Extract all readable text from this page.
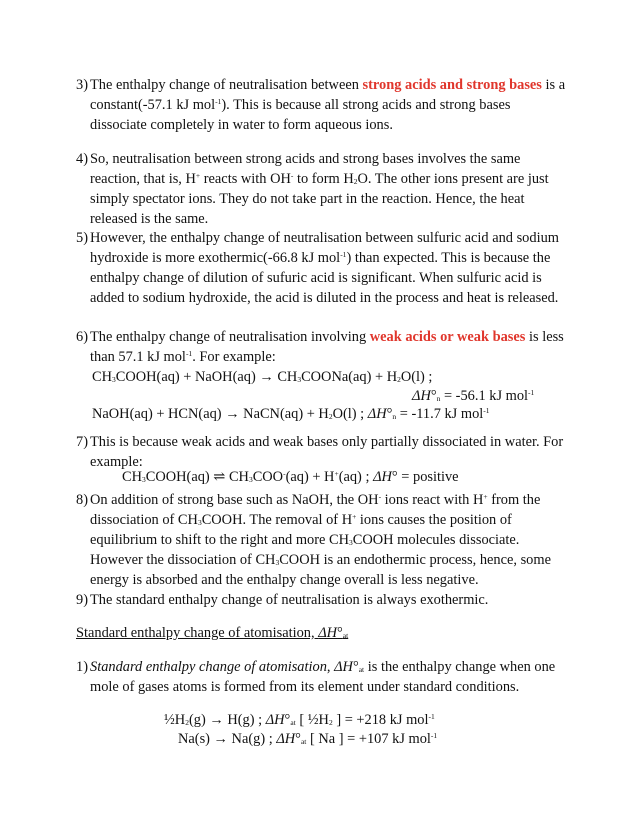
3) The enthalpy change of neutralisation between strong acids and strong bases is a constant(-57.1 kJ mol$^{-1}$). This is because all strong acids and strong bases dissociate completely in water to form aqueous ions.
4) So, neutralisation between strong acids and strong bases involves the same reaction, that is, H+ reacts with OH- to form $H_2O$. The other ions present are just simply spectator ions. They do not take part in the reaction. Hence, the heat released is the same.
5) However, the enthalpy change of neutralisation between sulfuric acid and sodium hydroxide is more exothermic(-66.8 kJ mol$^{-1}$) than expected. This is because the enthalpy change of dilution of sufuric acid is significant. When sulfuric acid is added to sodium hydroxide, the acid is diluted in the process and heat is released.
6) The enthalpy change of neutralisation involving weak acids or weak bases is less than 57.1 kJ mol$^{-1}$. For example:
$CH_3COOH(aq)$ + NaOH(aq) → $CH_3COONa(aq) + H_2O(l)$ ;
$\Delta H^\circ_n = -56.1$ kJ mol$^{-1}$
NaOH(aq) + HCN(aq) → NaCN(aq) + $H_2O(l)$ ; $\Delta H^\circ_n = -11.7$ kJ mol$^{-1}$
7) This is because weak acids and weak bases only partially dissociated in water. For example:
$CH_3COOH(aq)$ ⇌ $CH_3COO^-(aq) + H^+(aq)$ ; ΔH° = positive
8) On addition of strong base such as NaOH, the OH- ions react with H+ from the dissociation of $CH_3COOH$. The removal of H+ ions causes the position of equilibrium to shift to the right and more $CH_3COOH$ molecules dissociate. However the dissociation of $CH_3COOH$ is an endothermic process, hence, some energy is absorbed and the enthalpy change overall is less negative.
9) The standard enthalpy change of neutralisation is always exothermic.
Standard enthalpy change of atomisation, $\Delta H^\circ_{at}$
1) Standard enthalpy change of atomisation, $\Delta H^\circ_{at}$ is the enthalpy change when one mole of gases atoms is formed from its element under standard conditions.
$\frac{1}{2}H_2(g) \to H(g)$ ; $\Delta H^\circ_{at}$ [ $\frac{1}{2}H_2$ ] = +218 kJ mol$^{-1}$
Na(s) → Na(g) ; $\Delta H^\circ_{at}$ [ Na ] = +107 kJ mol$^{-1}$
